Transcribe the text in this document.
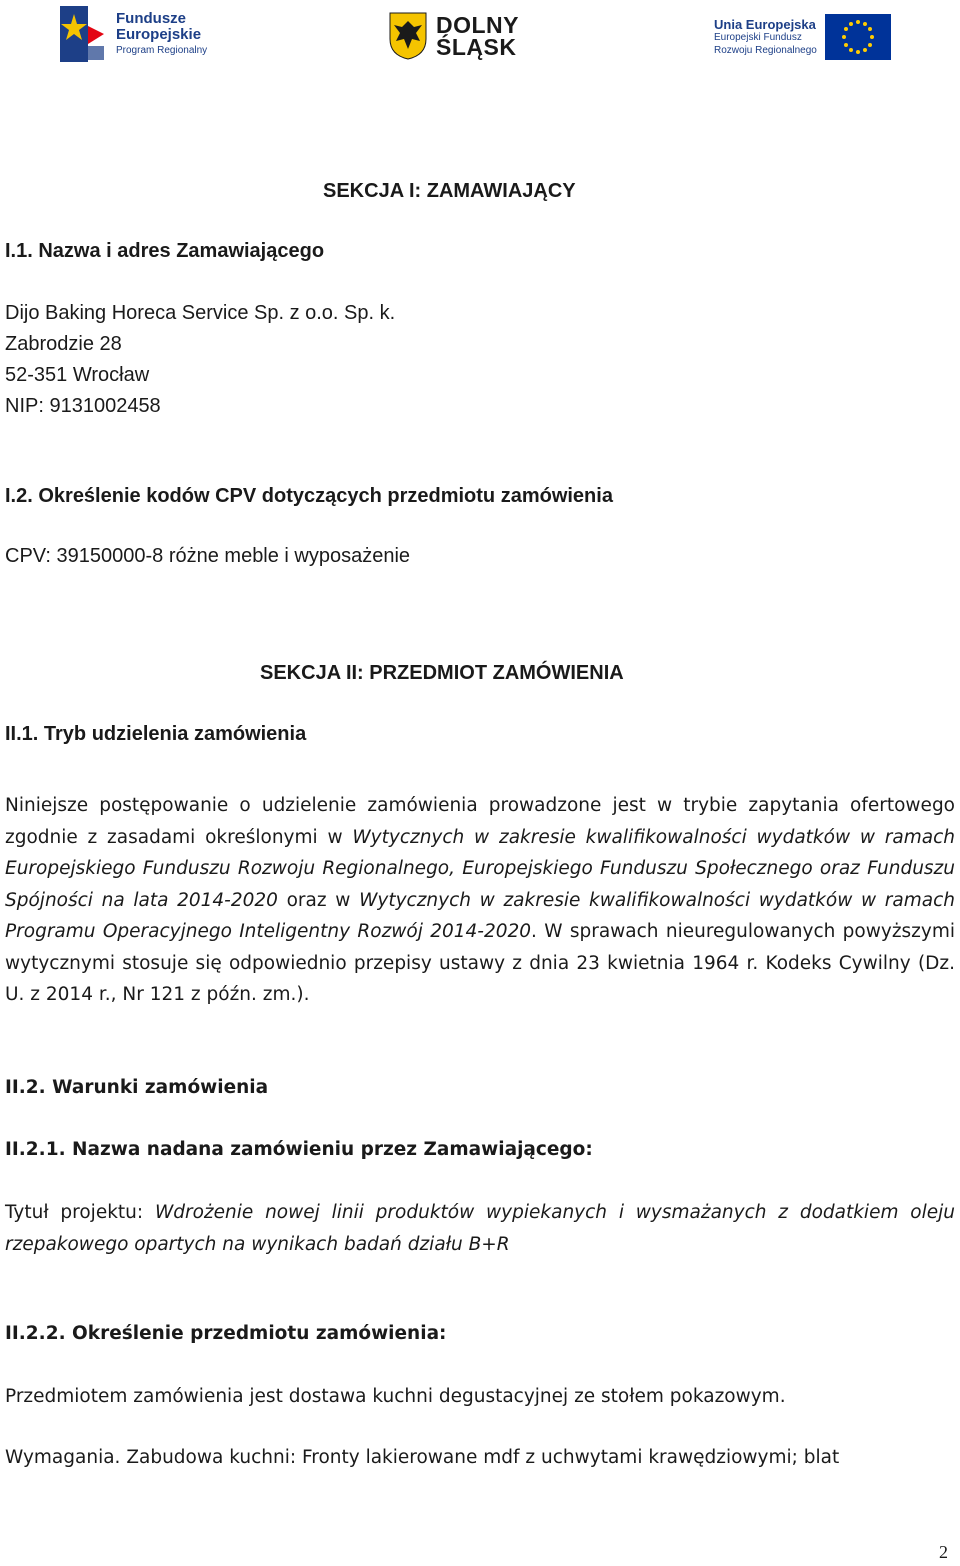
Fundusze
Europejskie
Program Regionalny
DOLNY
ŚLĄSK
Unia Europejska
Europejski Fundusz
Rozwoju Regionalnego

SEKCJA I: ZAMAWIAJĄCY

I.1. Nazwa i adres Zamawiającego

Dijo Baking Horeca Service Sp. z o.o. Sp. k.

Zabrodzie 28

52-351 Wrocław

NIP: 9131002458

I.2. Określenie kodów CPV dotyczących przedmiotu zamówienia

CPV: 39150000-8 różne meble i wyposażenie

SEKCJA II: PRZEDMIOT ZAMÓWIENIA

II.1. Tryb udzielenia zamówienia

Niniejsze postępowanie o udzielenie zamówienia prowadzone jest w trybie zapytania ofertowego zgodnie z zasadami określonymi w Wytycznych w zakresie kwalifikowalności wydatków w ramach Europejskiego Funduszu Rozwoju Regionalnego, Europejskiego Funduszu Społecznego oraz Funduszu Spójności na lata 2014-2020 oraz w Wytycznych w zakresie kwalifikowalności wydatków w ramach Programu Operacyjnego Inteligentny Rozwój 2014-2020. W sprawach nieuregulowanych powyższymi wytycznymi stosuje się odpowiednio przepisy ustawy z dnia 23 kwietnia 1964 r. Kodeks Cywilny (Dz. U. z 2014 r., Nr 121 z późn. zm.).

II.2. Warunki zamówienia

II.2.1. Nazwa nadana zamówieniu przez Zamawiającego:

Tytuł projektu: Wdrożenie nowej linii produktów wypiekanych i wysmażanych z dodatkiem oleju rzepakowego opartych na wynikach badań działu B+R

II.2.2. Określenie przedmiotu zamówienia:

Przedmiotem zamówienia jest dostawa kuchni degustacyjnej ze stołem pokazowym.

Wymagania. Zabudowa kuchni: Fronty lakierowane mdf z uchwytami krawędziowymi; blat

2
